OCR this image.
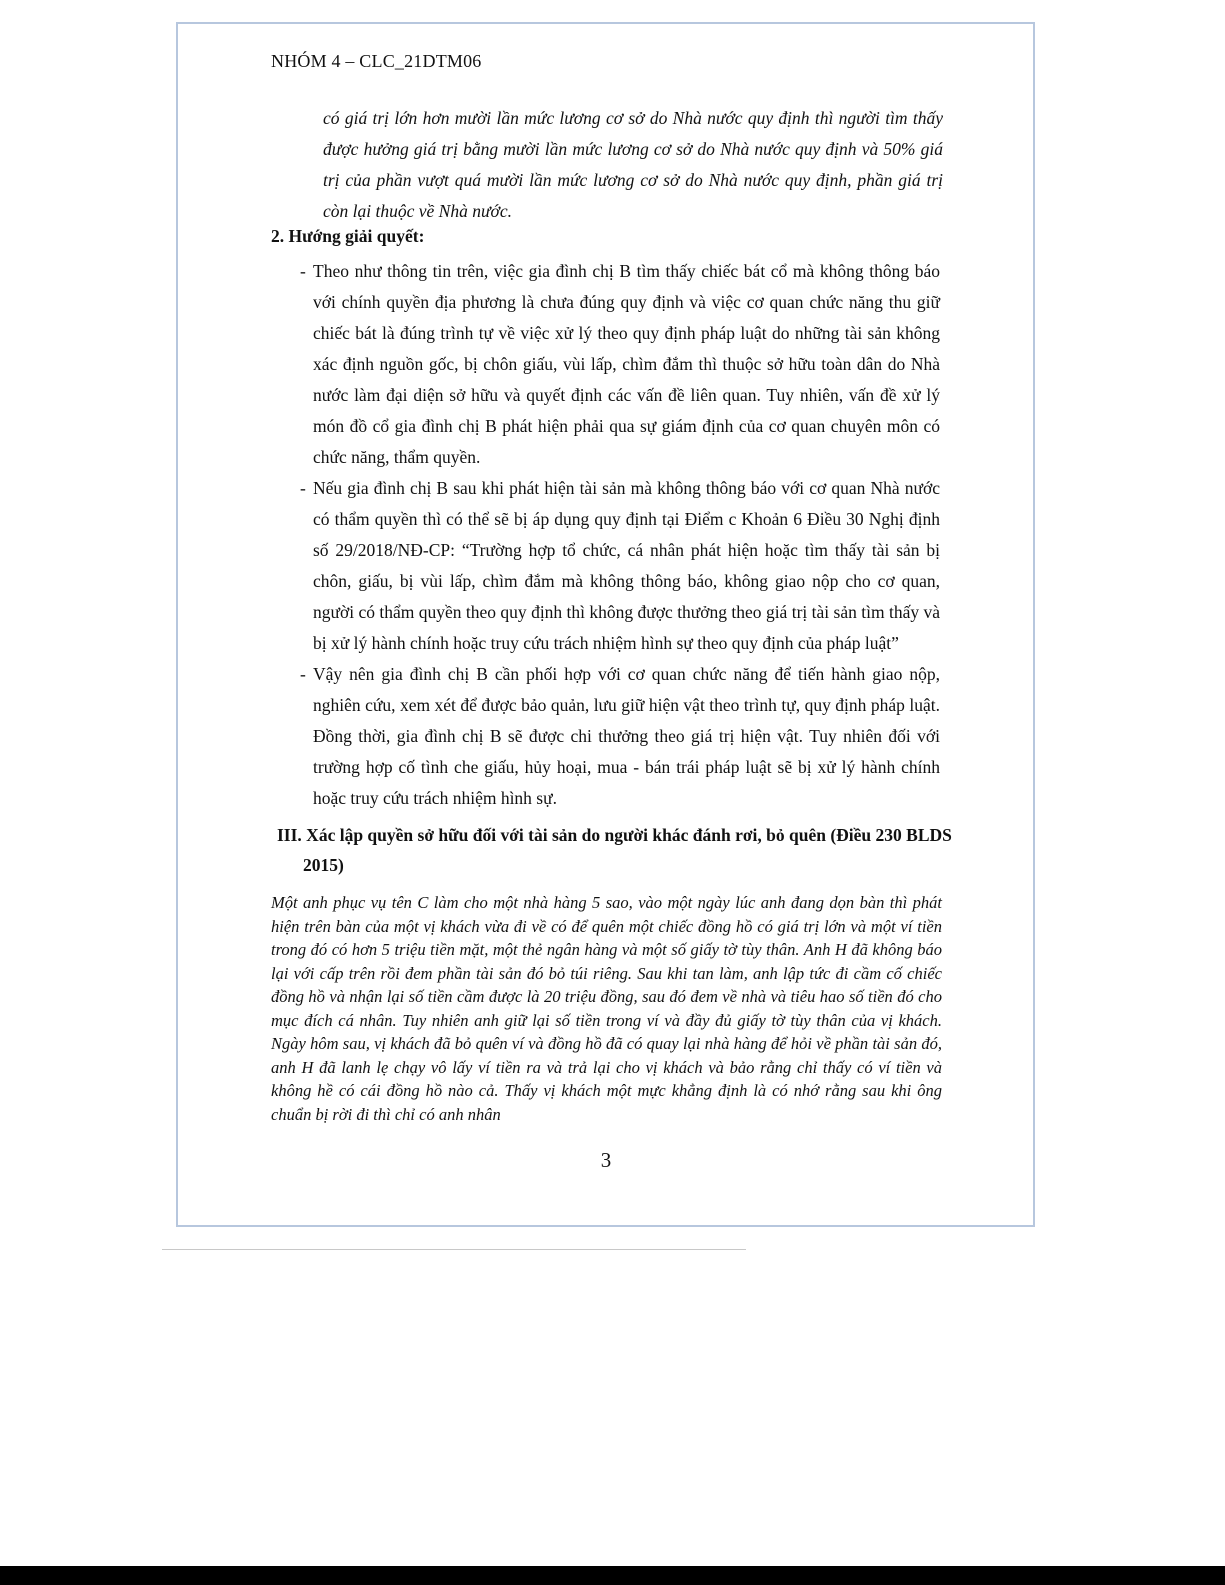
NHÓM 4 – CLC_21DTM06

có giá trị lớn hơn mười lần mức lương cơ sở do Nhà nước quy định thì người tìm thấy được hưởng giá trị bằng mười lần mức lương cơ sở do Nhà nước quy định và 50% giá trị của phần vượt quá mười lần mức lương cơ sở do Nhà nước quy định, phần giá trị còn lại thuộc về Nhà nước.

2. Hướng giải quyết:
- Theo như thông tin trên, việc gia đình chị B tìm thấy chiếc bát cổ mà không thông báo với chính quyền địa phương là chưa đúng quy định và việc cơ quan chức năng thu giữ chiếc bát là đúng trình tự về việc xử lý theo quy định pháp luật do những tài sản không xác định nguồn gốc, bị chôn giấu, vùi lấp, chìm đắm thì thuộc sở hữu toàn dân do Nhà nước làm đại diện sở hữu và quyết định các vấn đề liên quan. Tuy nhiên, vấn đề xử lý món đồ cổ gia đình chị B phát hiện phải qua sự giám định của cơ quan chuyên môn có chức năng, thẩm quyền.
- Nếu gia đình chị B sau khi phát hiện tài sản mà không thông báo với cơ quan Nhà nước có thẩm quyền thì có thể sẽ bị áp dụng quy định tại Điểm c Khoản 6 Điều 30 Nghị định số 29/2018/NĐ-CP: “Trường hợp tổ chức, cá nhân phát hiện hoặc tìm thấy tài sản bị chôn, giấu, bị vùi lấp, chìm đắm mà không thông báo, không giao nộp cho cơ quan, người có thẩm quyền theo quy định thì không được thưởng theo giá trị tài sản tìm thấy và bị xử lý hành chính hoặc truy cứu trách nhiệm hình sự theo quy định của pháp luật”
- Vậy nên gia đình chị B cần phối hợp với cơ quan chức năng để tiến hành giao nộp, nghiên cứu, xem xét để được bảo quản, lưu giữ hiện vật theo trình tự, quy định pháp luật. Đồng thời, gia đình chị B sẽ được chi thưởng theo giá trị hiện vật. Tuy nhiên đối với trường hợp cố tình che giấu, hủy hoại, mua - bán trái pháp luật sẽ bị xử lý hành chính hoặc truy cứu trách nhiệm hình sự.
III. Xác lập quyền sở hữu đối với tài sản do người khác đánh rơi, bỏ quên (Điều 230 BLDS 2015)
Một anh phục vụ tên C làm cho một nhà hàng 5 sao, vào một ngày lúc anh đang dọn bàn thì phát hiện trên bàn của một vị khách vừa đi về có để quên một chiếc đồng hồ có giá trị lớn và một ví tiền trong đó có hơn 5 triệu tiền mặt, một thẻ ngân hàng và một số giấy tờ tùy thân. Anh H đã không báo lại với cấp trên rồi đem phần tài sản đó bỏ túi riêng. Sau khi tan làm, anh lập tức đi cầm cố chiếc đồng hồ và nhận lại số tiền cầm được là 20 triệu đồng, sau đó đem về nhà và tiêu hao số tiền đó cho mục đích cá nhân. Tuy nhiên anh giữ lại số tiền trong ví và đầy đủ giấy tờ tùy thân của vị khách. Ngày hôm sau, vị khách đã bỏ quên ví và đồng hồ đã có quay lại nhà hàng để hỏi về phần tài sản đó, anh H đã lanh lẹ chạy vô lấy ví tiền ra và trả lại cho vị khách và bảo rằng chỉ thấy có ví tiền và không hề có cái đồng hồ nào cả. Thấy vị khách một mực khẳng định là có nhớ rằng sau khi ông chuẩn bị rời đi thì chỉ có anh nhân
3
